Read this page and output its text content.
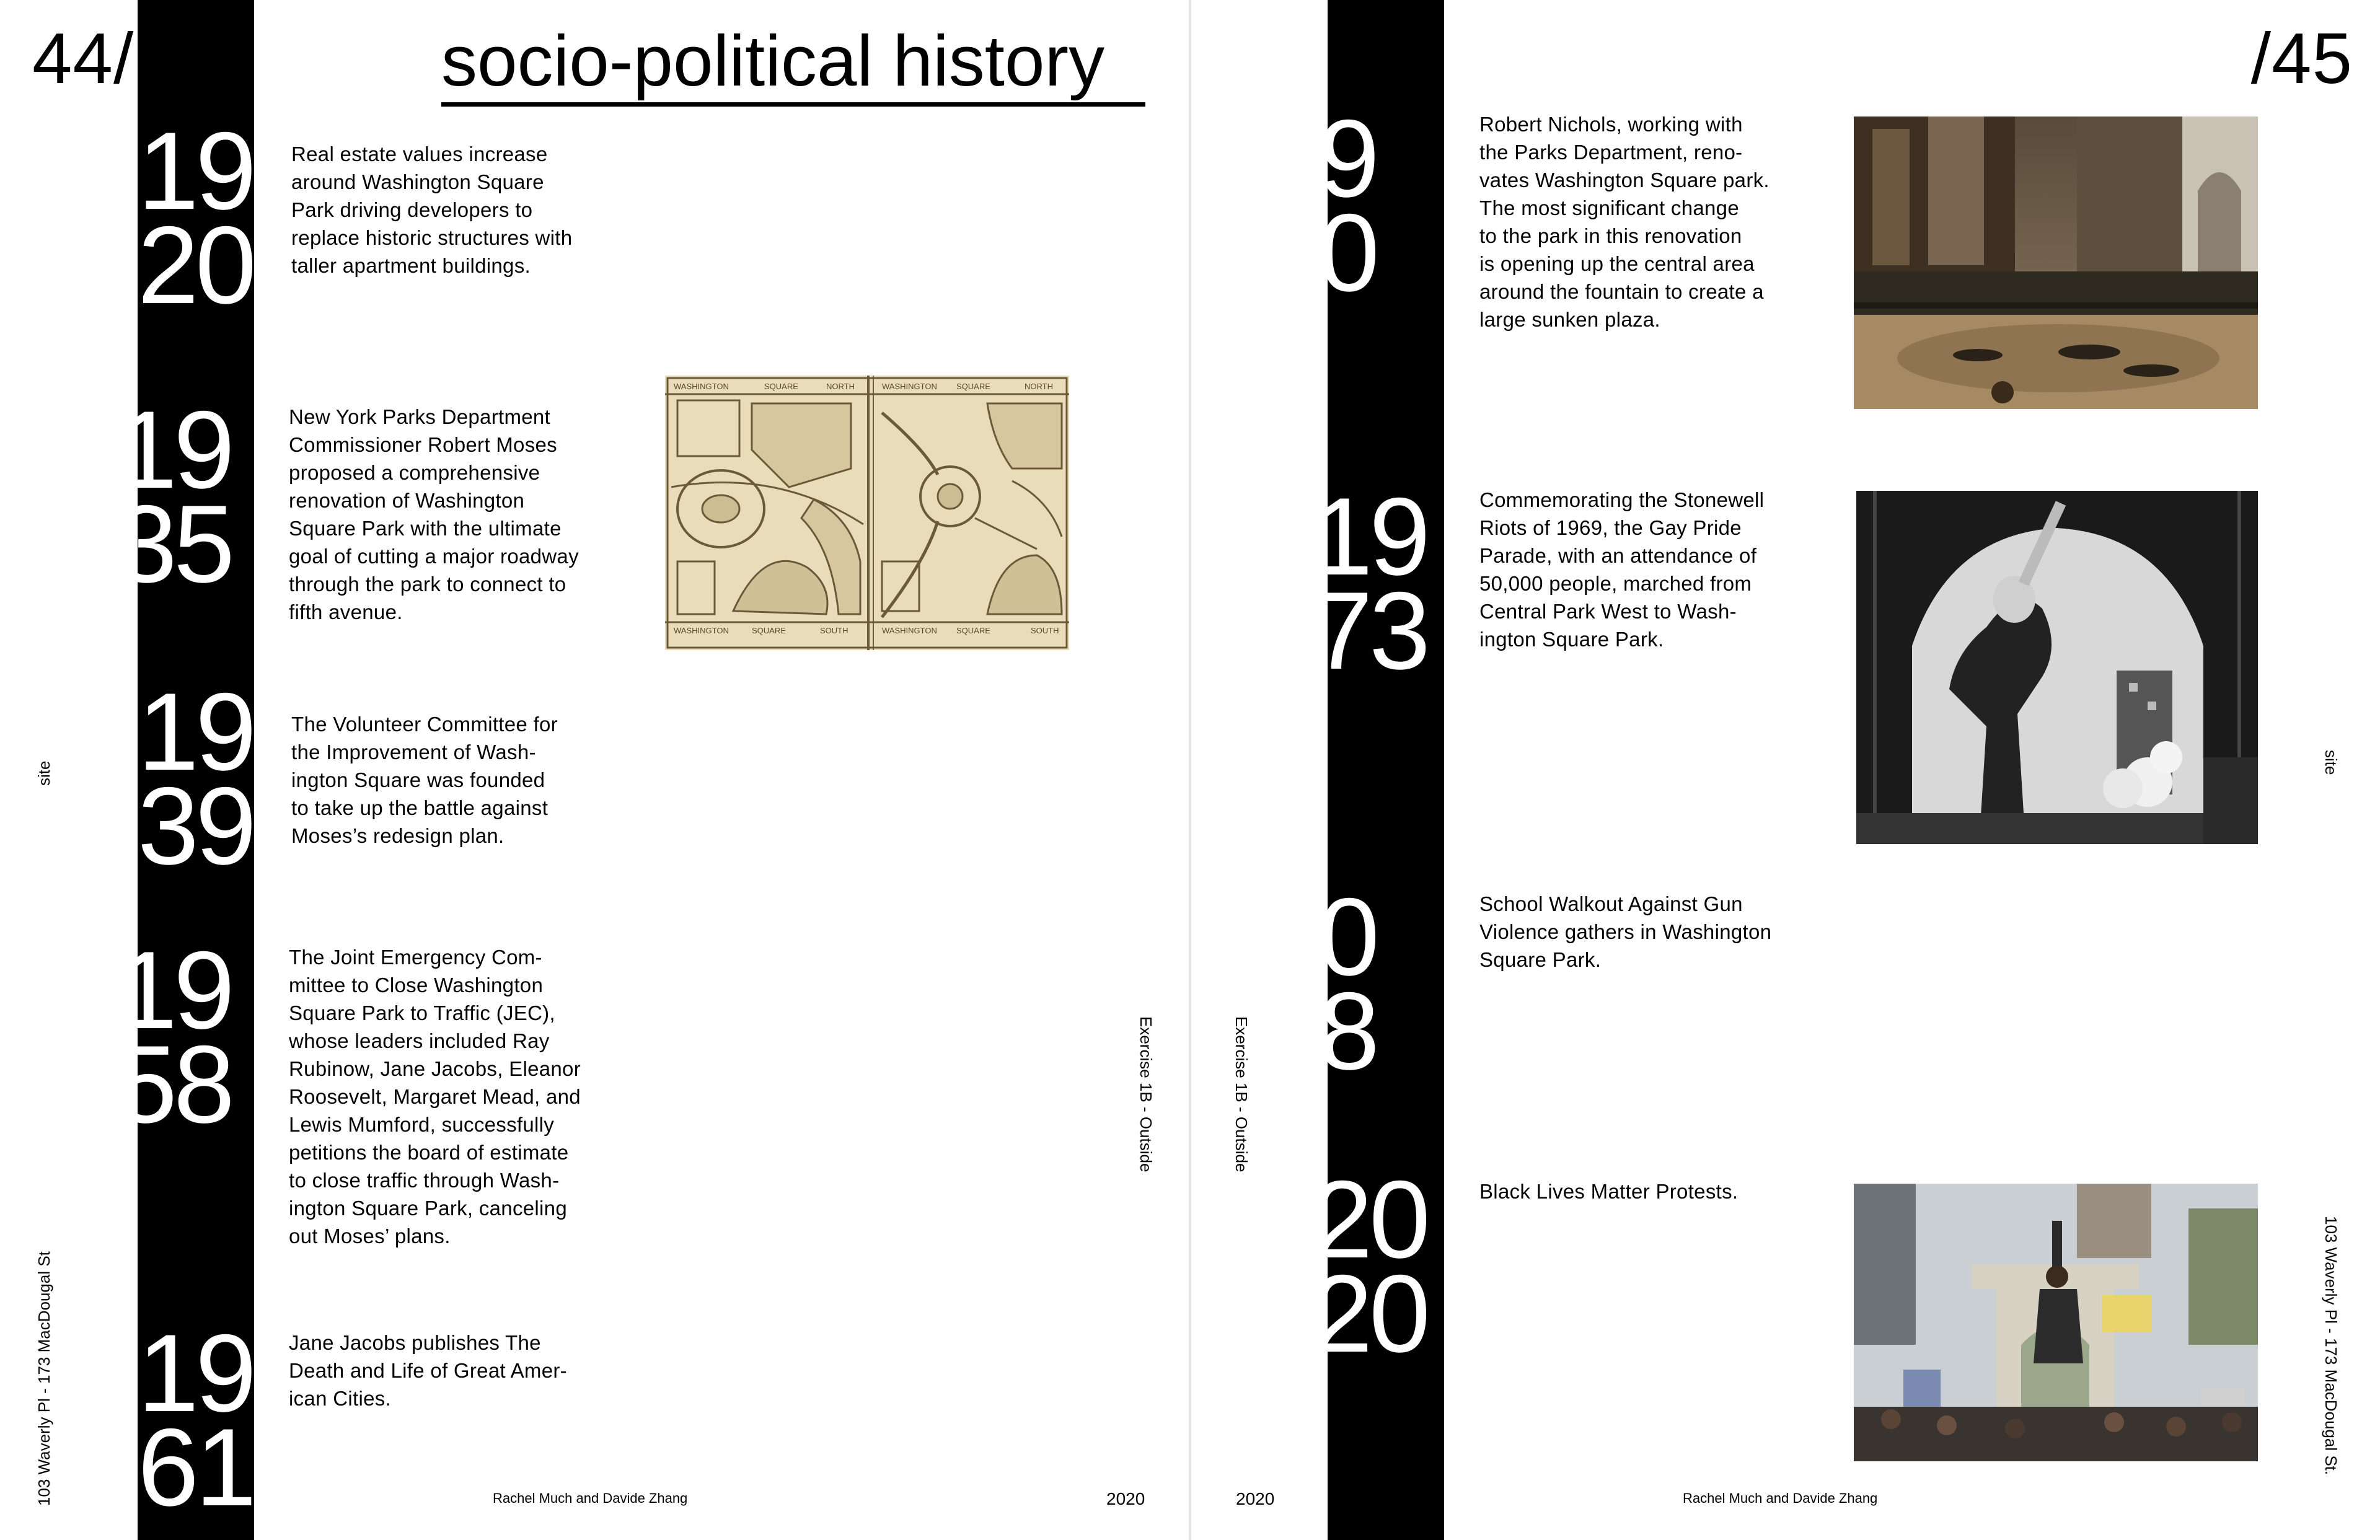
44/	socio-political history
19
20
Real estate values increase
around Washington Square
Park driving developers to
replace historic structures with
taller apartment buildings.
19
35
New York Parks Department
Commissioner Robert Moses
proposed a comprehensive
renovation of Washington
Square Park with the ultimate
goal of cutting a major roadway
through the park to connect to
fifth avenue.
WASHINGTON	SQUARE	NORTH	WASHINGTON SQUARE	NORTH
WASHINGTON	SQUARE	SOUTH	WASHINGTON SQUARE	SOUTH
19
39
The Volunteer Committee for
the Improvement of Wash-
ington Square was founded
to take up the battle against
Moses’s redesign plan.
19
58
The Joint Emergency Com-
mittee to Close Washington
Square Park to Traffic (JEC),
whose leaders included Ray
Rubinow, Jane Jacobs, Eleanor
Roosevelt, Margaret Mead, and
Lewis Mumford, successfully
petitions the board of estimate
to close traffic through Wash-
ington Square Park, canceling
out Moses’ plans.
19
61
Jane Jacobs publishes The
Death and Life of Great Amer-
ican Cities.
site
103 Waverly Pl - 173 MacDougal St
Exercise 1B - Outside
Rachel Much and Davide Zhang	2020
/45
19
70
Robert Nichols, working with
the Parks Department, reno-
vates Washington Square park.
The most significant change
to the park in this renovation
is opening up the central area
around the fountain to create a
large sunken plaza.
19
73
Commemorating the Stonewell
Riots of 1969, the Gay Pride
Parade, with an attendance of
50,000 people, marched from
Central Park West to Wash-
ington Square Park.
20
18
School Walkout Against Gun
Violence gathers in Washington
Square Park.
20
20
Black Lives Matter Protests.
Exercise 1B - Outside
site
103 Waverly Pl - 173 MacDougal St.
2020	Rachel Much and Davide Zhang
